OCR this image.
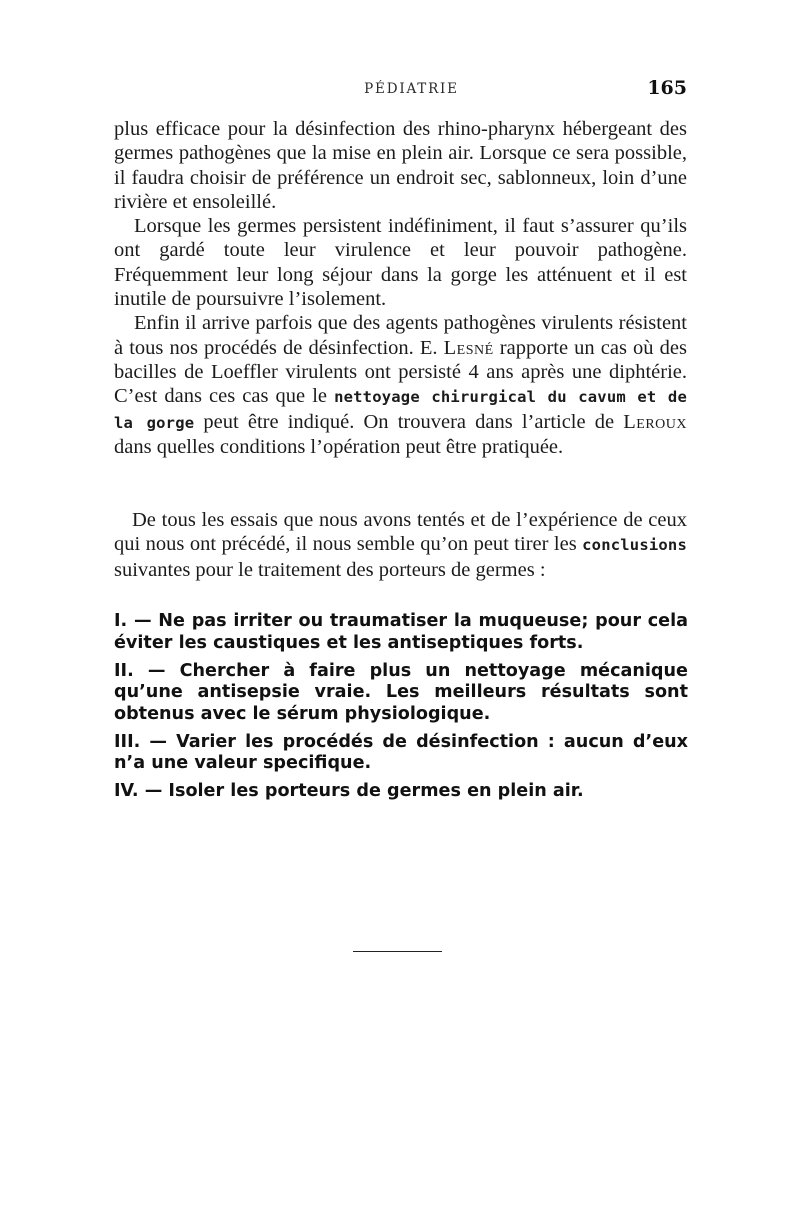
PÉDIATRIE	165

plus efficace pour la désinfection des rhino-pharynx hébergeant des germes pathogènes que la mise en plein air. Lorsque ce sera possible, il faudra choisir de préférence un endroit sec, sablonneux, loin d’une rivière et ensoleillé.

Lorsque les germes persistent indéfiniment, il faut s’assurer qu’ils ont gardé toute leur virulence et leur pouvoir pathogène. Fréquemment leur long séjour dans la gorge les atténuent et il est inutile de poursuivre l’isolement.

Enfin il arrive parfois que des agents pathogènes virulents résistent à tous nos procédés de désinfection. E. Lesné rapporte un cas où des bacilles de Loeffler virulents ont persisté 4 ans après une diphtérie. C’est dans ces cas que le nettoyage chirurgical du cavum et de la gorge peut être indiqué. On trouvera dans l’article de Leroux dans quelles conditions l’opération peut être pratiquée.

De tous les essais que nous avons tentés et de l’expérience de ceux qui nous ont précédé, il nous semble qu’on peut tirer les conclusions suivantes pour le traitement des porteurs de germes :

I. — Ne pas irriter ou traumatiser la muqueuse; pour cela éviter les caustiques et les antiseptiques forts.

II. — Chercher à faire plus un nettoyage mécanique qu’une antisepsie vraie. Les meilleurs résultats sont obtenus avec le sérum physiologique.

III. — Varier les procédés de désinfection : aucun d’eux n’a une valeur specifique.

IV. — Isoler les porteurs de germes en plein air.
